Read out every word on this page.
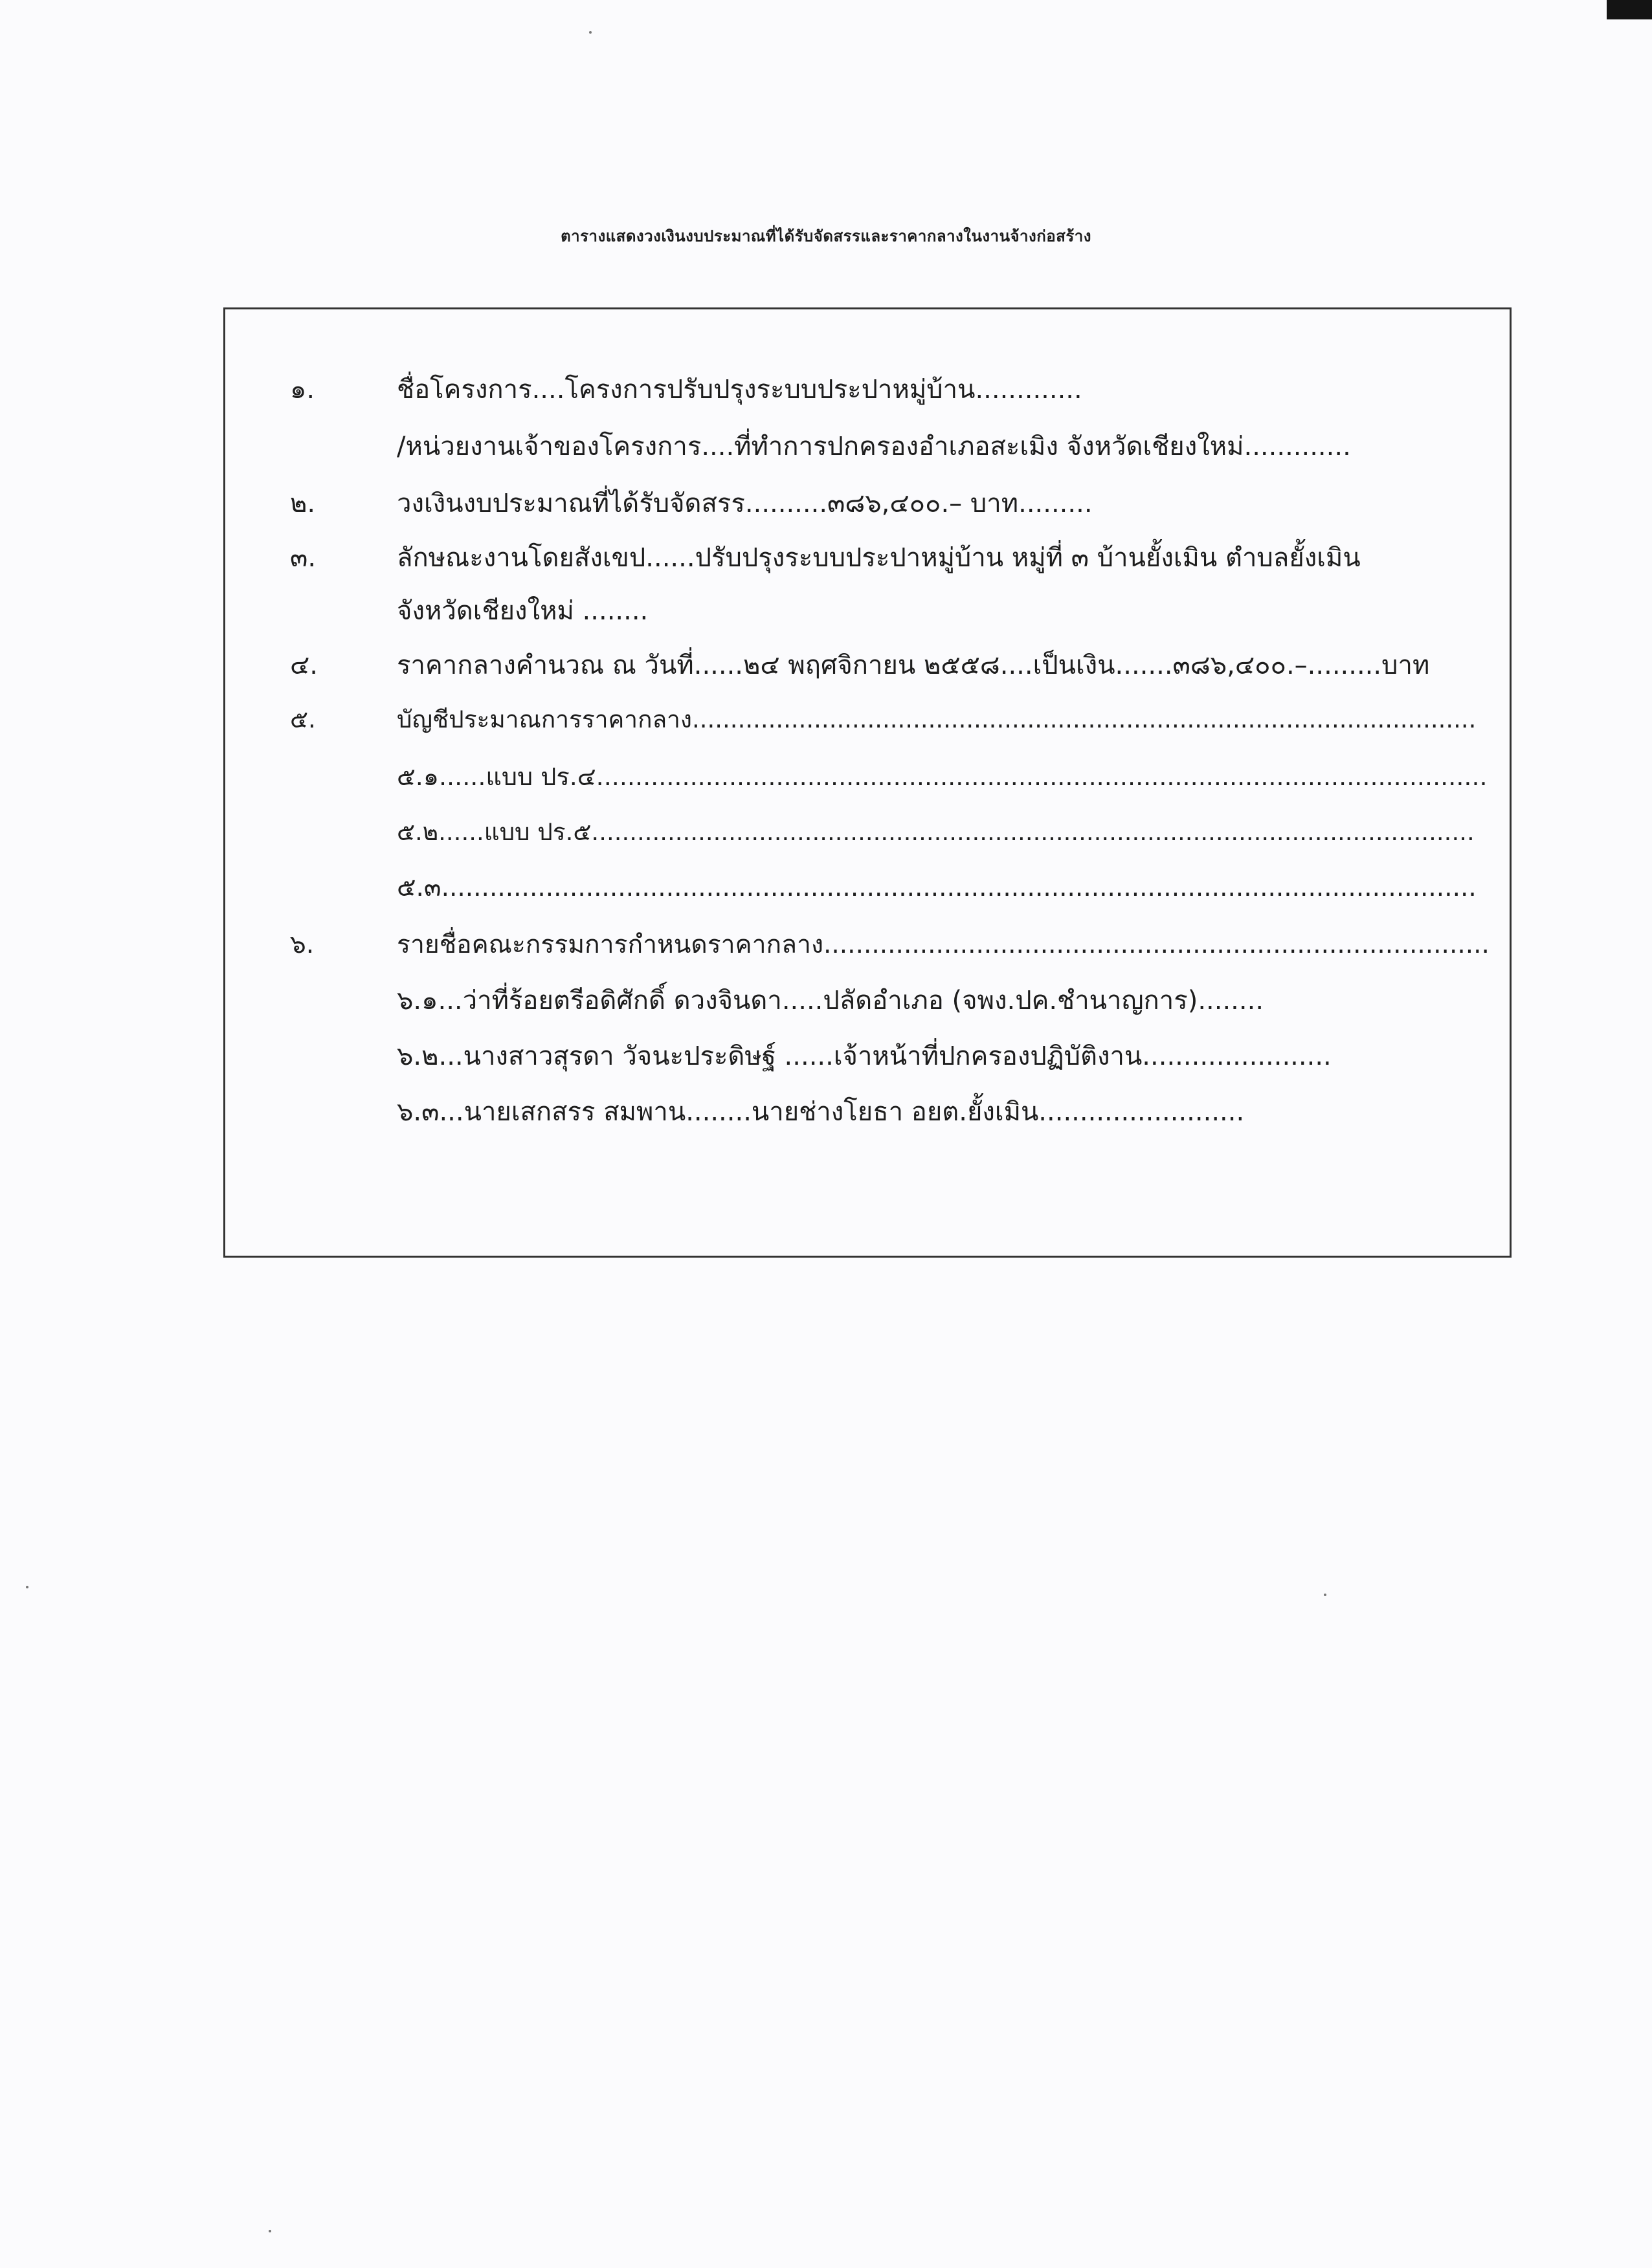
ตารางแสดงวงเงินงบประมาณที่ได้รับจัดสรรและราคากลางในงานจ้างก่อสร้าง
๑.	ชื่อโครงการ....โครงการปรับปรุงระบบประปาหมู่บ้าน.............
/หน่วยงานเจ้าของโครงการ....ที่ทำการปกครองอำเภอสะเมิง จังหวัดเชียงใหม่.............
๒.	วงเงินงบประมาณที่ได้รับจัดสรร..........๓๘๖,๔๐๐.– บาท.........
๓.	ลักษณะงานโดยสังเขป......ปรับปรุงระบบประปาหมู่บ้าน หมู่ที่ ๓ บ้านยั้งเมิน ตำบลยั้งเมิน
จังหวัดเชียงใหม่ ........
๔.	ราคากลางคำนวณ ณ วันที่......๒๔ พฤศจิกายน ๒๕๕๘....เป็นเงิน.......๓๘๖,๔๐๐.–.........บาท
๕.	บัญชีประมาณการราคากลาง.......................................................................................................
๕.๑......แบบ ปร.๔..................................................................................................................
๕.๒......แบบ ปร.๕....................................................................................................................
๕.๓.................................................................................................................................
๖.	รายชื่อคณะกรรมการกำหนดราคากลาง...................................................................................
๖.๑...ว่าที่ร้อยตรีอดิศักดิ์ ดวงจินดา.....ปลัดอำเภอ (จพง.ปค.ชำนาญการ)........
๖.๒...นางสาวสุรดา วัจนะประดิษฐ์ ......เจ้าหน้าที่ปกครองปฏิบัติงาน.......................
๖.๓...นายเสกสรร สมพาน........นายช่างโยธา อยต.ยั้งเมิน.........................
